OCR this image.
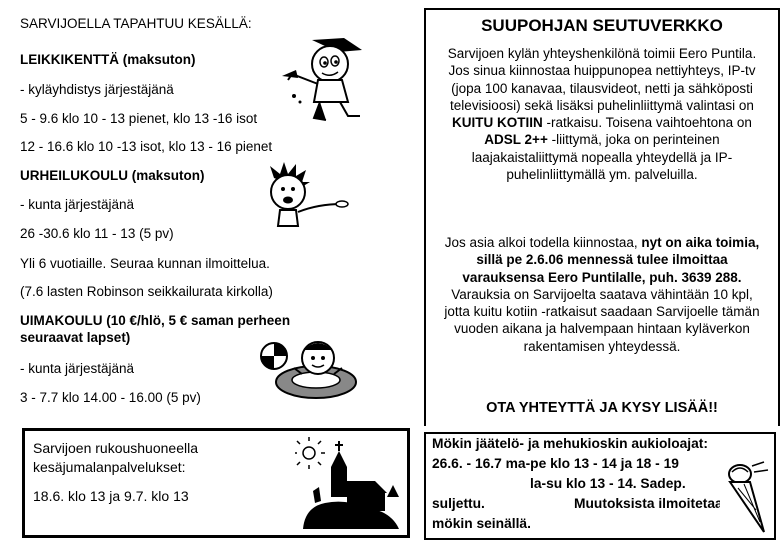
SARVIJOELLA TAPAHTUU KESÄLLÄ:
LEIKKIKENTTÄ (maksuton)
- kyläyhdistys järjestäjänä
5 - 9.6 klo 10 - 13 pienet, klo 13 -16 isot
12 - 16.6 klo 10 -13 isot, klo 13 - 16 pienet
URHEILUKOULU (maksuton)
- kunta järjestäjänä
26 -30.6 klo 11 - 13 (5 pv)
Yli 6 vuotiaille. Seuraa kunnan ilmoittelua.
(7.6 lasten Robinson seikkailurata kirkolla)
UIMAKOULU (10 €/hlö, 5 € saman perheen
seuraavat lapset)
- kunta järjestäjänä
3 - 7.7 klo 14.00 - 16.00 (5 pv)
Sarvijoen rukoushuoneella
kesäjumalanpalvelukset:
18.6. klo 13 ja 9.7. klo 13
SUUPOHJAN SEUTUVERKKO
Sarvijoen kylän yhteyshenkilönä toimii Eero Puntila. Jos sinua kiinnostaa huippunopea nettiyhteys, IP-tv (jopa 100 kanavaa, tilausvideot, netti ja sähköposti televisioosi) sekä lisäksi puhelinliittymä valintasi on KUITU KOTIIN -ratkaisu. Toisena vaihtoehtona on ADSL 2++ -liittymä, joka on perinteinen laajakaistaliittymä nopealla yhteydellä ja IP-puhelinliittymällä ym. palveluilla.
Jos asia alkoi todella kiinnostaa, nyt on aika toimia, sillä pe 2.6.06 mennessä tulee ilmoittaa varauksensa Eero Puntilalle, puh. 3639 288. Varauksia on Sarvijoelta saatava vähintään 10 kpl, jotta kuitu kotiin -ratkaisut saadaan Sarvijoelle tämän vuoden aikana ja halvempaan hintaan kyläverkon rakentamisen yhteydessä.
OTA YHTEYTTÄ JA KYSY LISÄÄ!!
Mökin jäätelö- ja mehukioskin aukioloajat:
26.6. - 16.7 ma-pe klo 13 - 14 ja 18 - 19
la-su klo 13 - 14. Sadep.
suljettu.	Muutoksista ilmoitetaan
mökin seinällä.
